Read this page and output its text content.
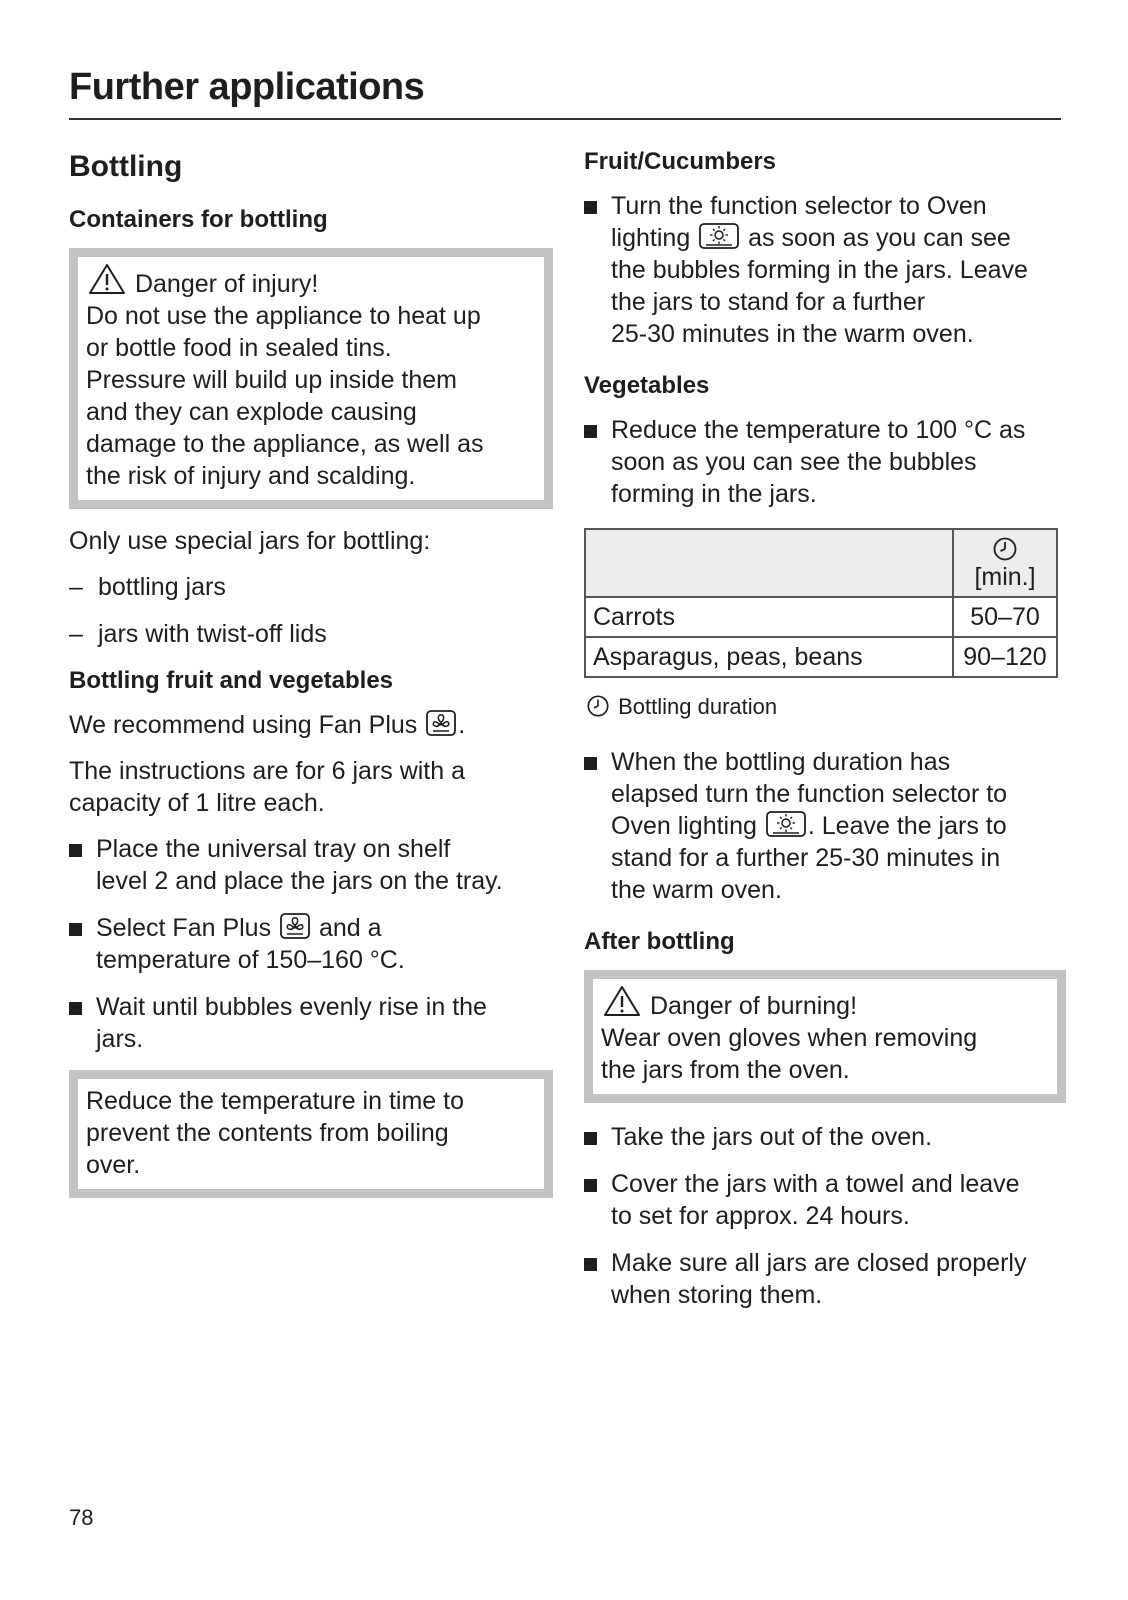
Further applications
Bottling
Containers for bottling

Danger of injury!

Do not use the appliance to heat up

or bottle food in sealed tins.

Pressure will build up inside them

and they can explode causing

damage to the appliance, as well as

the risk of injury and scalding.

Only use special jars for bottling:

– bottling jars
– jars with twist-off lids
Bottling fruit and vegetables

We recommend using Fan Plus .

The instructions are for 6 jars with a
capacity of 1 litre each.

Place the universal tray on shelf
level 2 and place the jars on the tray.
Select Fan Plus and a
temperature of 150–160 °C.
Wait until bubbles evenly rise in the
jars.

Reduce the temperature in time to

prevent the contents from boiling

over.

Fruit/Cucumbers
Turn the function selector to Oven
lighting as soon as you can see
the bubbles forming in the jars. Leave
the jars to stand for a further
25-30 minutes in the warm oven.
Vegetables
Reduce the temperature to 100 °C as
soon as you can see the bubbles
forming in the jars.

[min.]
Carrots	50–70
Asparagus, peas, beans	90–120

Bottling duration

When the bottling duration has
elapsed turn the function selector to
Oven lighting . Leave the jars to
stand for a further 25-30 minutes in
the warm oven.
After bottling

Danger of burning!

Wear oven gloves when removing

the jars from the oven.

Take the jars out of the oven.
Cover the jars with a towel and leave
to set for approx. 24 hours.
Make sure all jars are closed properly
when storing them.
78
